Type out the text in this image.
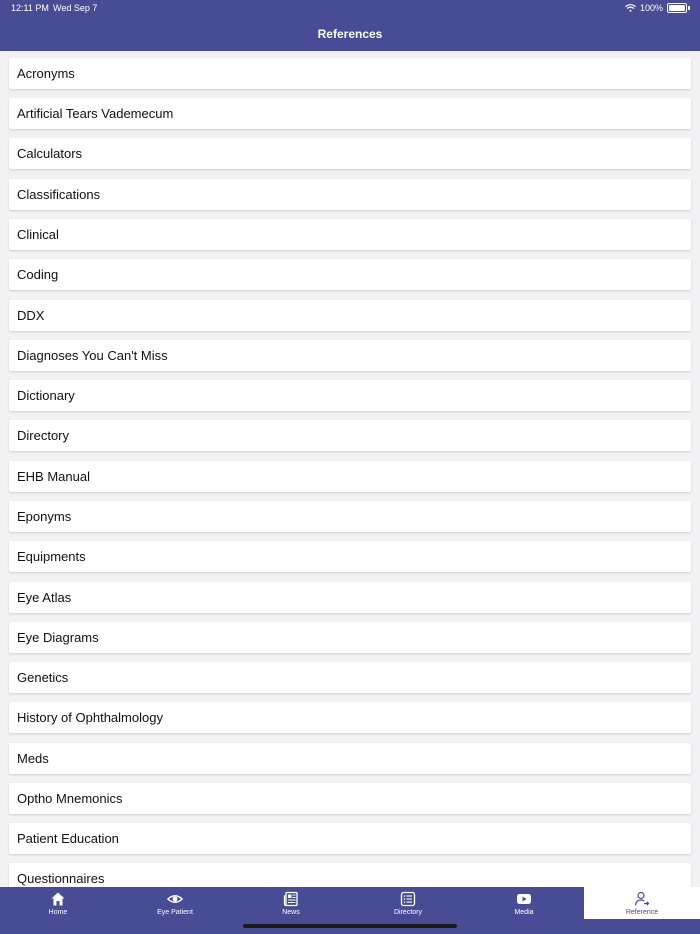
12:11 PM Wed Sep 7	100%
References
Acronyms
Artificial Tears Vademecum
Calculators
Classifications
Clinical
Coding
DDX
Diagnoses You Can't Miss
Dictionary
Directory
EHB Manual
Eponyms
Equipments
Eye Atlas
Eye Diagrams
Genetics
History of Ophthalmology
Meds
Optho Mnemonics
Patient Education
Questionnaires
Home	Eye Patient	News	Directory	Media	Reference
